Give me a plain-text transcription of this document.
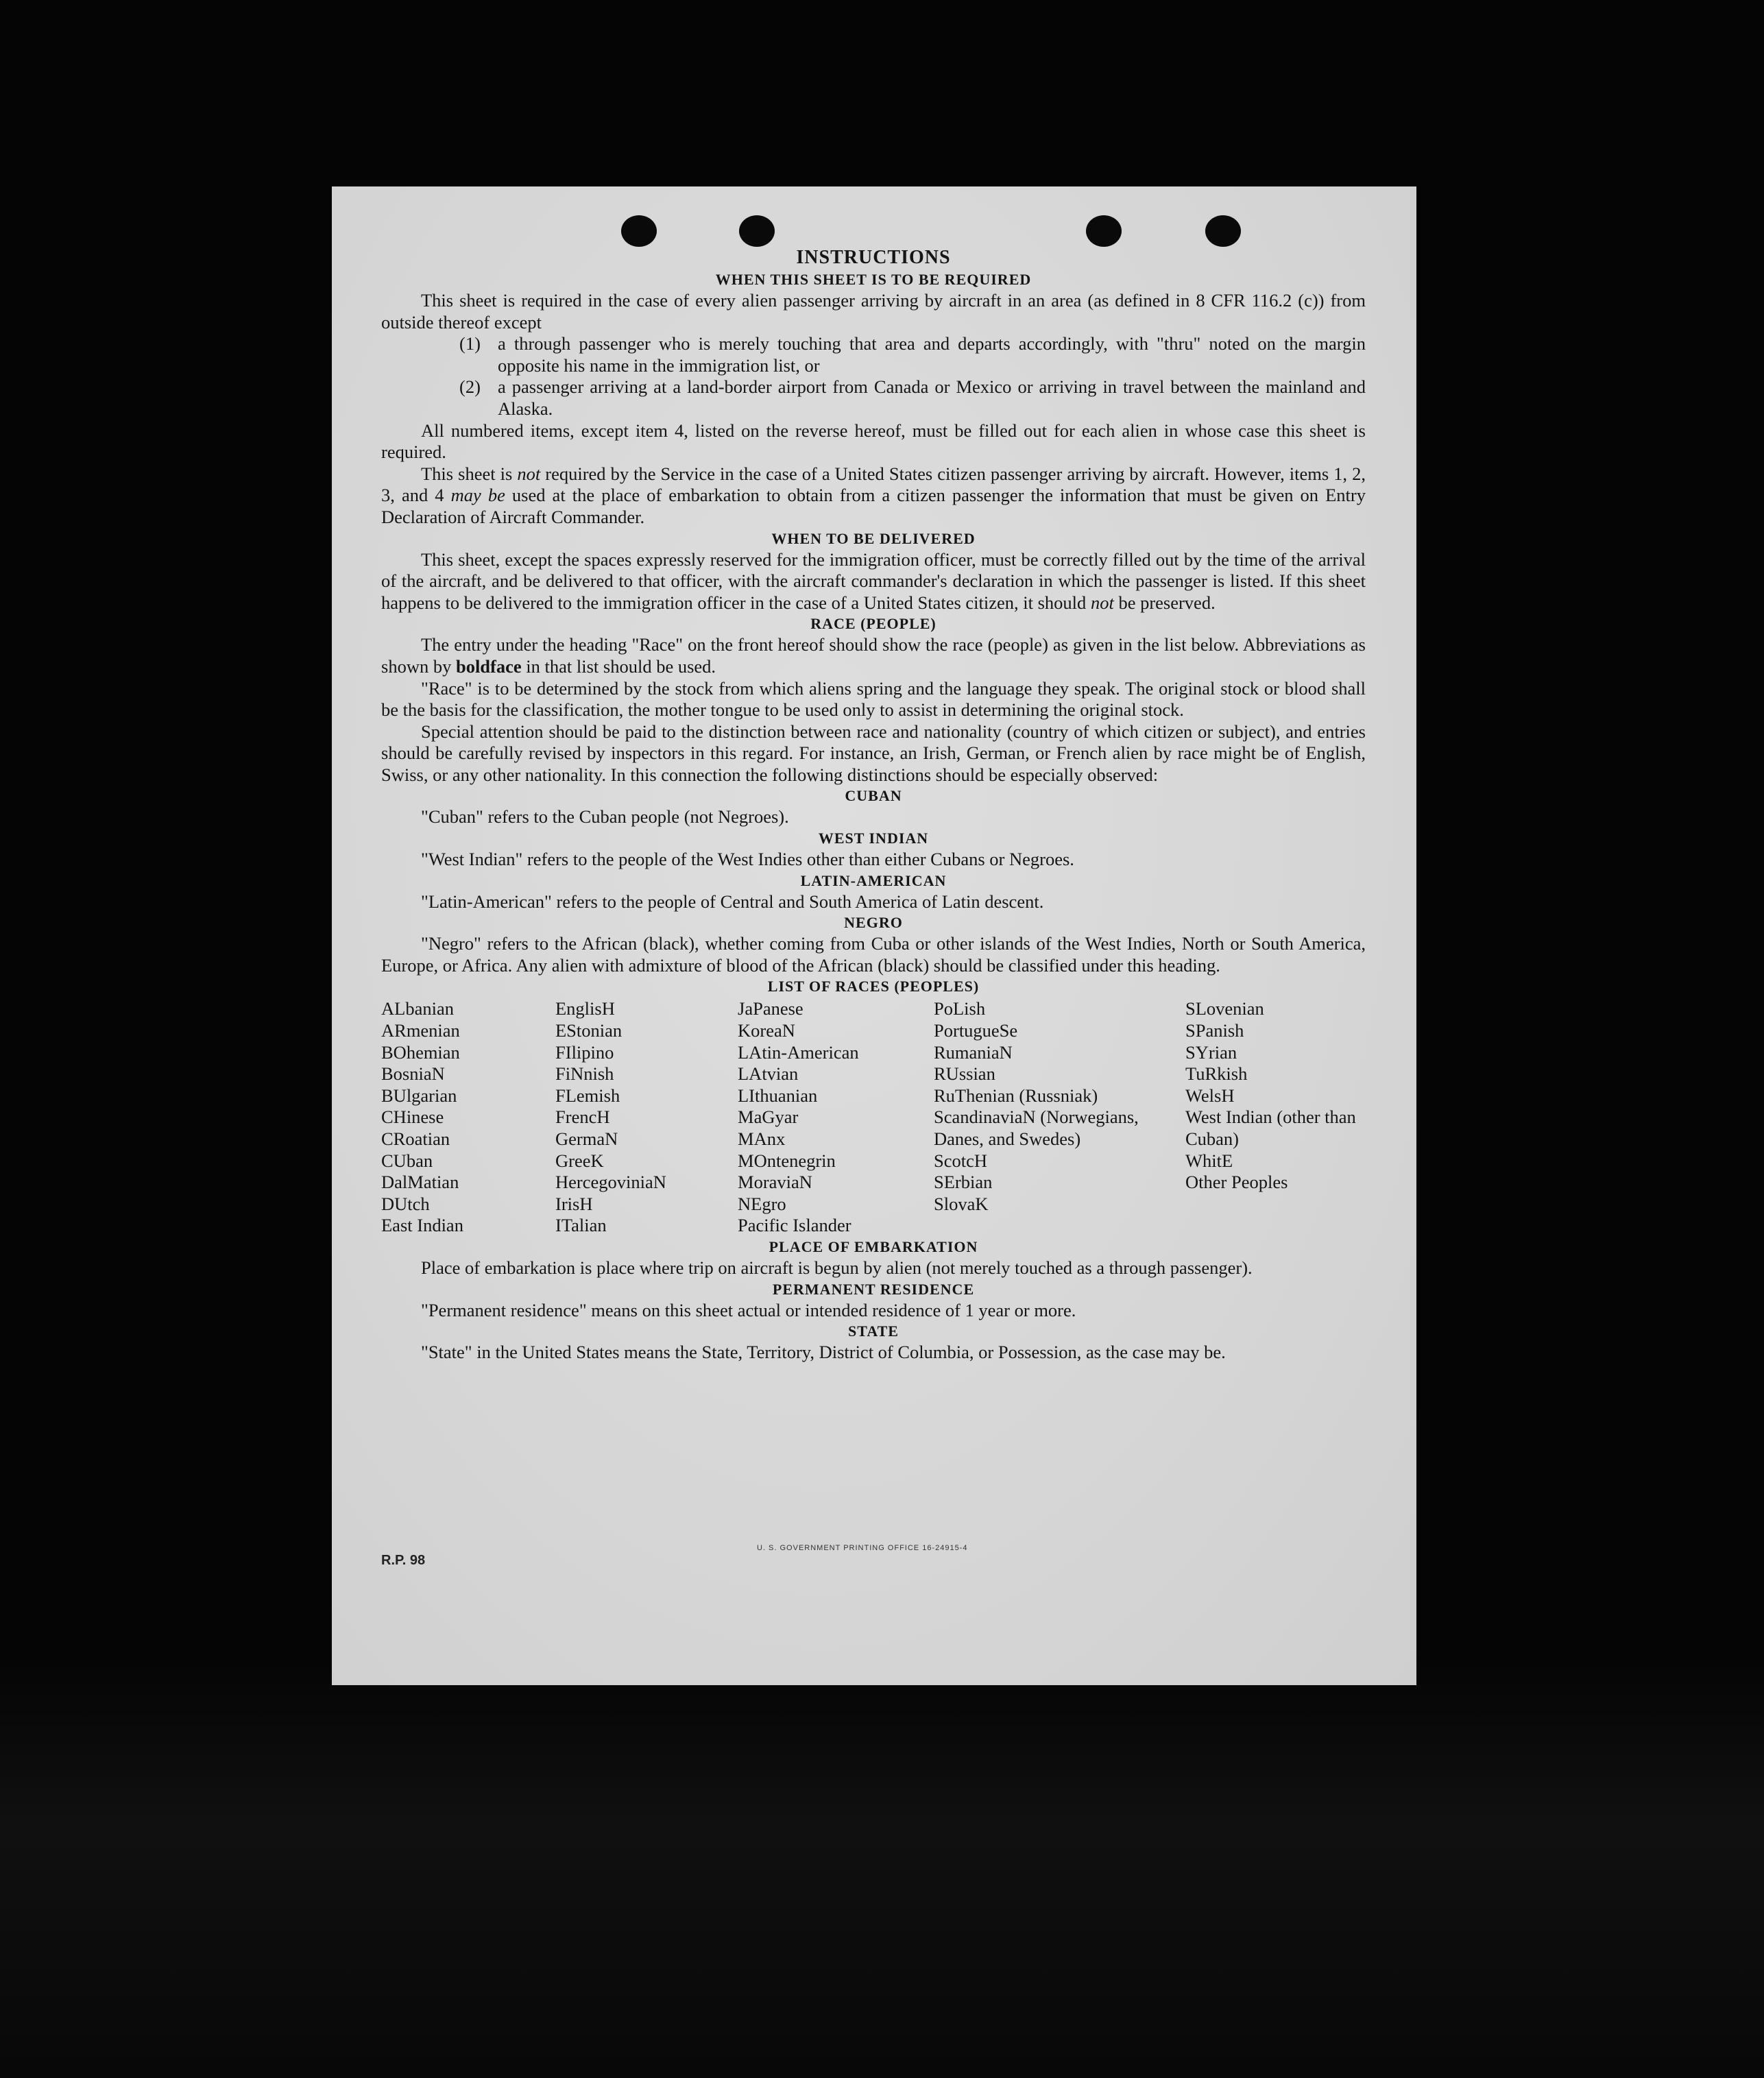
INSTRUCTIONS
WHEN THIS SHEET IS TO BE REQUIRED

This sheet is required in the case of every alien passenger arriving by aircraft in an area (as defined in 8 CFR 116.2 (c)) from outside thereof except

(1) a through passenger who is merely touching that area and departs accordingly, with "thru" noted on the margin opposite his name in the immigration list, or
(2) a passenger arriving at a land-border airport from Canada or Mexico or arriving in travel between the mainland and Alaska.

All numbered items, except item 4, listed on the reverse hereof, must be filled out for each alien in whose case this sheet is required.

This sheet is not required by the Service in the case of a United States citizen passenger arriving by aircraft. However, items 1, 2, 3, and 4 may be used at the place of embarkation to obtain from a citizen passenger the information that must be given on Entry Declaration of Aircraft Commander.

WHEN TO BE DELIVERED

This sheet, except the spaces expressly reserved for the immigration officer, must be correctly filled out by the time of the arrival of the aircraft, and be delivered to that officer, with the aircraft commander's declaration in which the passenger is listed. If this sheet happens to be delivered to the immigration officer in the case of a United States citizen, it should not be preserved.

RACE (PEOPLE)

The entry under the heading "Race" on the front hereof should show the race (people) as given in the list below. Abbreviations as shown by boldface in that list should be used.

"Race" is to be determined by the stock from which aliens spring and the language they speak. The original stock or blood shall be the basis for the classification, the mother tongue to be used only to assist in determining the original stock.

Special attention should be paid to the distinction between race and nationality (country of which citizen or subject), and entries should be carefully revised by inspectors in this regard. For instance, an Irish, German, or French alien by race might be of English, Swiss, or any other nationality. In this connection the following distinctions should be especially observed:

CUBAN

"Cuban" refers to the Cuban people (not Negroes).

WEST INDIAN

"West Indian" refers to the people of the West Indies other than either Cubans or Negroes.

LATIN-AMERICAN

"Latin-American" refers to the people of Central and South America of Latin descent.

NEGRO

"Negro" refers to the African (black), whether coming from Cuba or other islands of the West Indies, North or South America, Europe, or Africa. Any alien with admixture of blood of the African (black) should be classified under this heading.

LIST OF RACES (PEOPLES)
ALbanian
ARmenian
BOhemian
BosniaN
BUlgarian
CHinese
CRoatian
CUban
DalMatian
DUtch
East Indian
EnglisH
EStonian
FIlipino
FiNnish
FLemish
FrencH
GermaN
GreeK
HercegoviniaN
IrisH
ITalian
JaPanese
KoreaN
LAtin-American
LAtvian
LIthuanian
MaGyar
MAnx
MOntenegrin
MoraviaN
NEgro
Pacific Islander
PoLish
PortugueSe
RumaniaN
RUssian
RuThenian (Russniak)
ScandinaviaN (Norwegians, Danes, and Swedes)
ScotcH
SErbian
SlovaK
SLovenian
SPanish
SYrian
TuRkish
WelsH
West Indian (other than Cuban)
WhitE
Other Peoples
PLACE OF EMBARKATION

Place of embarkation is place where trip on aircraft is begun by alien (not merely touched as a through passenger).

PERMANENT RESIDENCE

"Permanent residence" means on this sheet actual or intended residence of 1 year or more.

STATE

"State" in the United States means the State, Territory, District of Columbia, or Possession, as the case may be.

R.P. 98
U. S. GOVERNMENT PRINTING OFFICE 16-24915-4
